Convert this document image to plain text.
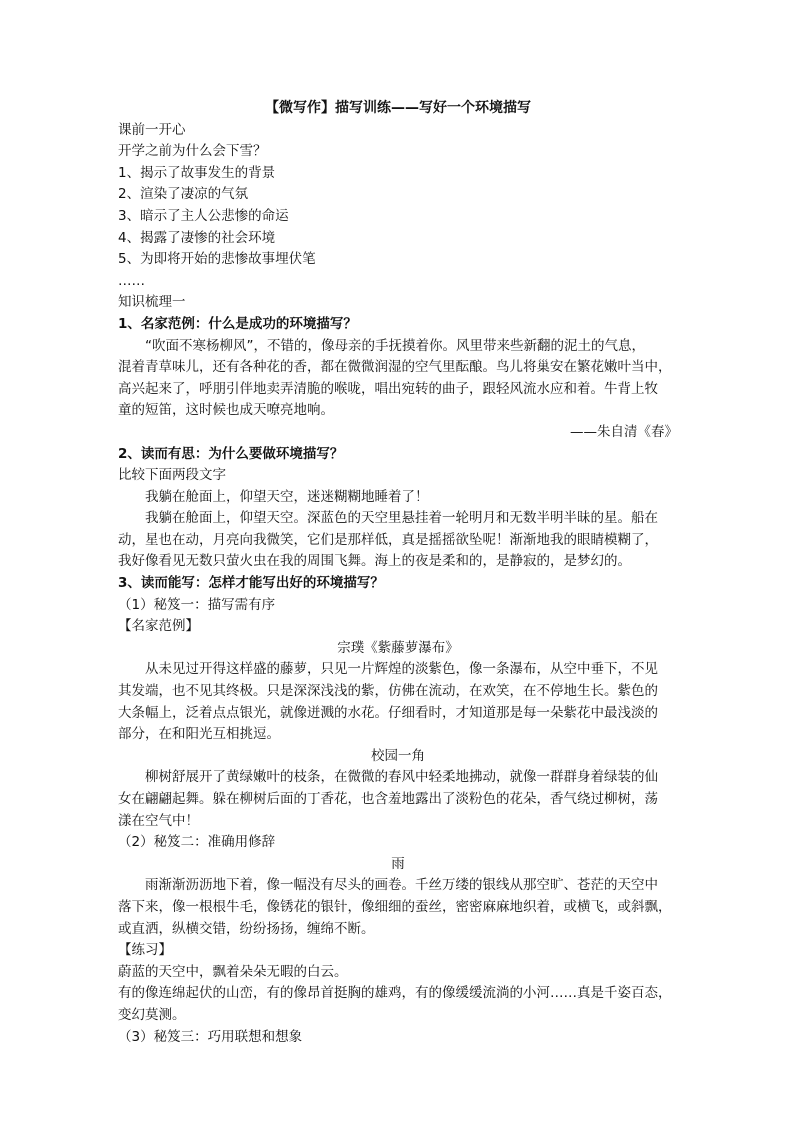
【微写作】描写训练——写好一个环境描写
课前一开心
开学之前为什么会下雪？
1、揭示了故事发生的背景
2、渲染了凄凉的气氛
3、暗示了主人公悲惨的命运
4、揭露了凄惨的社会环境
5、为即将开始的悲惨故事埋伏笔
……
知识梳理一
1、名家范例：什么是成功的环境描写？
“吹面不寒杨柳风”，不错的，像母亲的手抚摸着你。风里带来些新翻的泥土的气息，
混着青草味儿，还有各种花的香，都在微微润湿的空气里酝酿。鸟儿将巢安在繁花嫩叶当中，
高兴起来了，呼朋引伴地卖弄清脆的喉咙，唱出宛转的曲子，跟轻风流水应和着。牛背上牧
童的短笛，这时候也成天嘹亮地响。
——朱自清《春》
2、读而有思：为什么要做环境描写？
比较下面两段文字
我躺在舱面上，仰望天空，迷迷糊糊地睡着了！
我躺在舱面上，仰望天空。深蓝色的天空里悬挂着一轮明月和无数半明半昧的星。船在
动，星也在动，月亮向我微笑，它们是那样低，真是摇摇欲坠呢！渐渐地我的眼睛模糊了，
我好像看见无数只萤火虫在我的周围飞舞。海上的夜是柔和的，是静寂的，是梦幻的。
3、读而能写：怎样才能写出好的环境描写？
（1）秘笈一：描写需有序
【名家范例】
宗璞《紫藤萝瀑布》
从未见过开得这样盛的藤萝，只见一片辉煌的淡紫色，像一条瀑布，从空中垂下，不见
其发端，也不见其终极。只是深深浅浅的紫，仿佛在流动，在欢笑，在不停地生长。紫色的
大条幅上，泛着点点银光，就像迸溅的水花。仔细看时，才知道那是每一朵紫花中最浅淡的
部分，在和阳光互相挑逗。
校园一角
柳树舒展开了黄绿嫩叶的枝条，在微微的春风中轻柔地拂动，就像一群群身着绿装的仙
女在翩翩起舞。躲在柳树后面的丁香花，也含羞地露出了淡粉色的花朵，香气绕过柳树，荡
漾在空气中！
（2）秘笈二：准确用修辞
雨
雨渐渐沥沥地下着，像一幅没有尽头的画卷。千丝万缕的银线从那空旷、苍茫的天空中
落下来，像一根根牛毛，像锈花的银针，像细细的蚕丝，密密麻麻地织着，或横飞，或斜飘，
或直洒，纵横交错，纷纷扬扬，缠绵不断。
【练习】
蔚蓝的天空中，飘着朵朵无暇的白云。
有的像连绵起伏的山峦，有的像昂首挺胸的雄鸡，有的像缓缓流淌的小河……真是千姿百态，
变幻莫测。
（3）秘笈三：巧用联想和想象
